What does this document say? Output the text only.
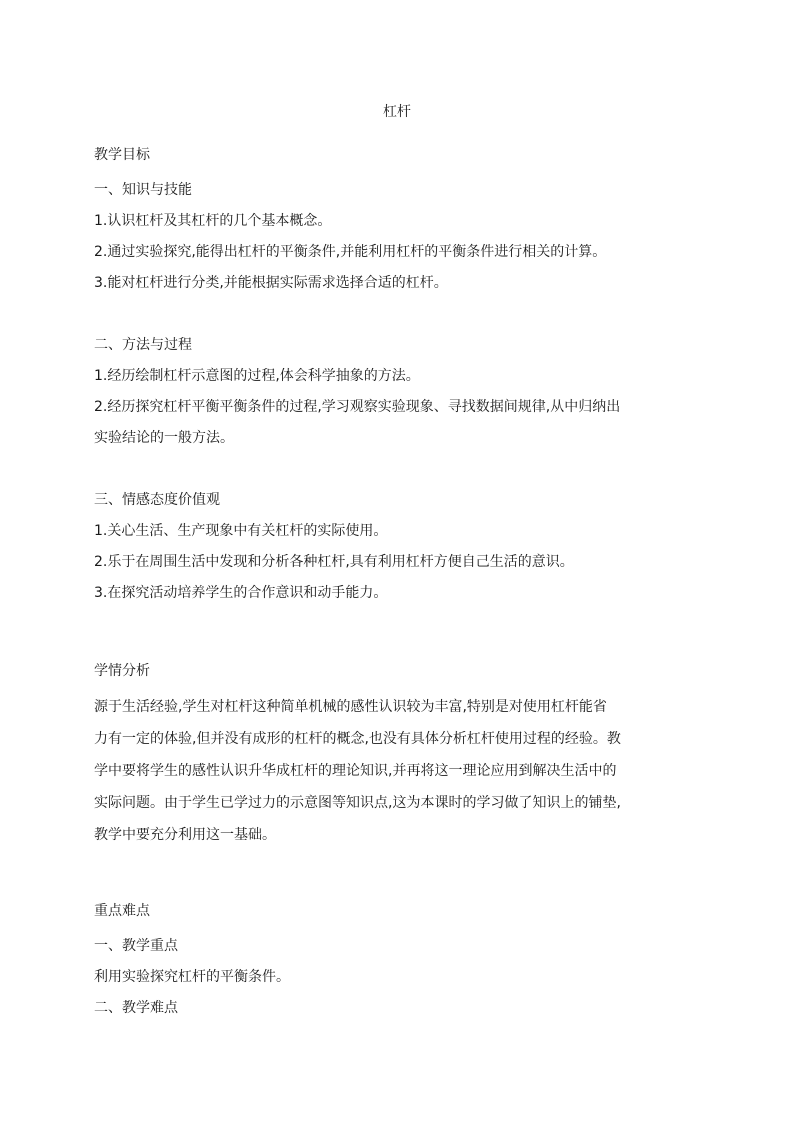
杠杆

教学目标

一、知识与技能

1.认识杠杆及其杠杆的几个基本概念。

2.通过实验探究,能得出杠杆的平衡条件,并能利用杠杆的平衡条件进行相关的计算。

3.能对杠杆进行分类,并能根据实际需求选择合适的杠杆。

二、方法与过程

1.经历绘制杠杆示意图的过程,体会科学抽象的方法。

2.经历探究杠杆平衡平衡条件的过程,学习观察实验现象、寻找数据间规律,从中归纳出

实验结论的一般方法。

三、情感态度价值观

1.关心生活、生产现象中有关杠杆的实际使用。

2.乐于在周围生活中发现和分析各种杠杆,具有利用杠杆方便自己生活的意识。

3.在探究活动培养学生的合作意识和动手能力。

学情分析

源于生活经验,学生对杠杆这种简单机械的感性认识较为丰富,特别是对使用杠杆能省

力有一定的体验,但并没有成形的杠杆的概念,也没有具体分析杠杆使用过程的经验。教

学中要将学生的感性认识升华成杠杆的理论知识,并再将这一理论应用到解决生活中的

实际问题。由于学生已学过力的示意图等知识点,这为本课时的学习做了知识上的铺垫,

教学中要充分利用这一基础。

重点难点

一、教学重点

利用实验探究杠杆的平衡条件。

二、教学难点
